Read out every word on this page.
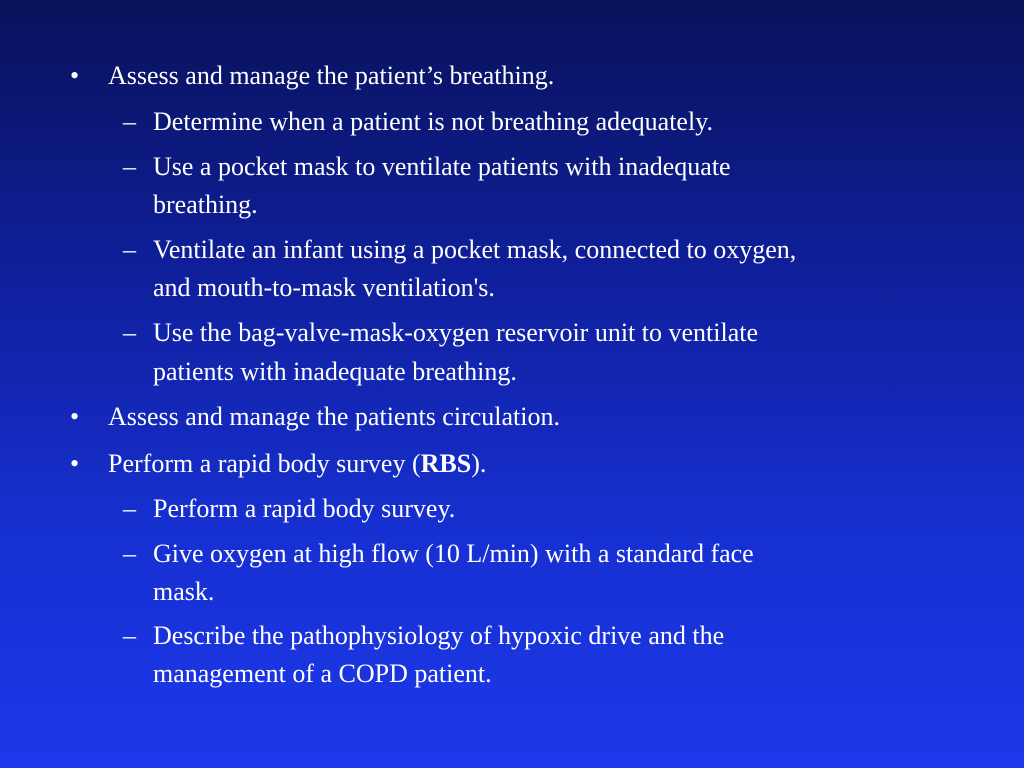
• Assess and manage the patient’s breathing.
– Determine when a patient is not breathing adequately.
– Use a pocket mask to ventilate patients with inadequate
breathing.
– Ventilate an infant using a pocket mask, connected to oxygen,
and mouth-to-mask ventilation's.
– Use the bag-valve-mask-oxygen reservoir unit to ventilate
patients with inadequate breathing.
• Assess and manage the patients circulation.
• Perform a rapid body survey (RBS).
– Perform a rapid body survey.
– Give oxygen at high flow (10 L/min) with a standard face
mask.
– Describe the pathophysiology of hypoxic drive and the
management of a COPD patient.
